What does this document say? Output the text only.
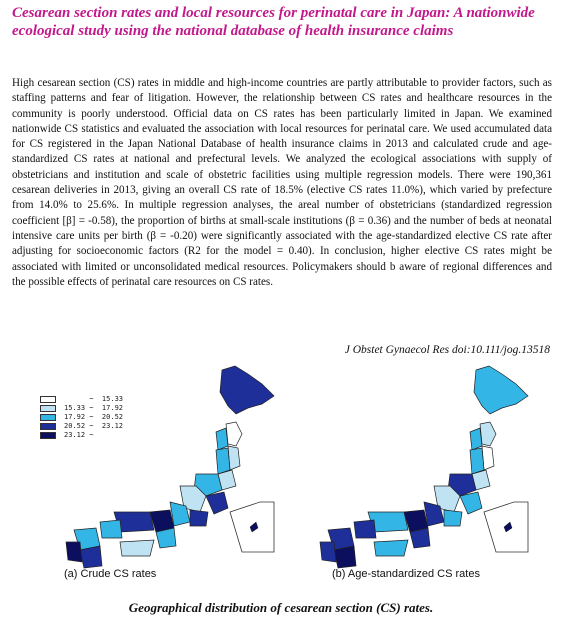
Cesarean section rates and local resources for perinatal care in Japan: A nationwide ecological study using the national database of health insurance claims
High cesarean section (CS) rates in middle and high-income countries are partly attributable to provider factors, such as staffing patterns and fear of litigation. However, the relationship between CS rates and healthcare resources in the community is poorly understood. Official data on CS rates has been particularly limited in Japan. We examined nationwide CS statistics and evaluated the association with local resources for perinatal care. We used accumulated data for CS registered in the Japan National Database of health insurance claims in 2013 and calculated crude and age-standardized CS rates at national and prefectural levels. We analyzed the ecological associations with supply of obstetricians and institution and scale of obstetric facilities using multiple regression models. There were 190,361 cesarean deliveries in 2013, giving an overall CS rate of 18.5% (elective CS rates 11.0%), which varied by prefecture from 14.0% to 25.6%. In multiple regression analyses, the areal number of obstetricians (standardized regression coefficient [β] = -0.58), the proportion of births at small-scale institutions (β = 0.36) and the number of beds at neonatal intensive care units per birth (β = -0.20) were significantly associated with the age-standardized elective CS rate after adjusting for socioeconomic factors (R2 for the model = 0.40). In conclusion, higher elective CS rates might be associated with limited or unconsolidated medical resources. Policymakers should b aware of regional differences and the possible effects of perinatal care resources on CS rates.
J Obstet Gynaecol Res doi:10.111/jog.13518
~  15.33
15.33 ~  17.92
17.92 ~  20.52
20.52 ~  23.12
23.12 ~
(a) Crude CS rates	(b) Age-standardized CS rates
Geographical distribution of cesarean section (CS) rates.
